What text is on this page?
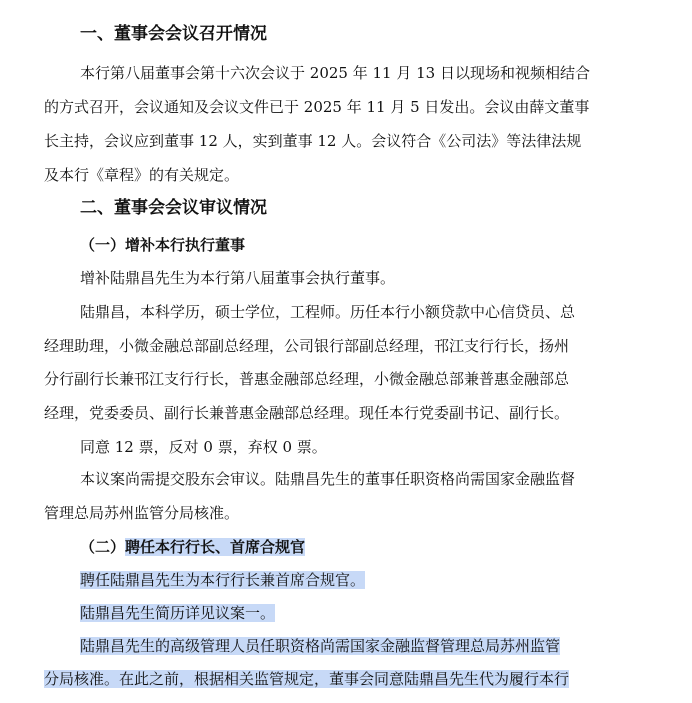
一、董事会会议召开情况
本行第八届董事会第十六次会议于 2025 年 11 月 13 日以现场和视频相结合
的方式召开，会议通知及会议文件已于 2025 年 11 月 5 日发出。会议由薛文董事
长主持，会议应到董事 12 人，实到董事 12 人。会议符合《公司法》等法律法规
及本行《章程》的有关规定。
二、董事会会议审议情况
（一）增补本行执行董事
增补陆鼎昌先生为本行第八届董事会执行董事。
陆鼎昌，本科学历，硕士学位，工程师。历任本行小额贷款中心信贷员、总
经理助理，小微金融总部副总经理，公司银行部副总经理，邗江支行行长，扬州
分行副行长兼邗江支行行长，普惠金融部总经理，小微金融总部兼普惠金融部总
经理，党委委员、副行长兼普惠金融部总经理。现任本行党委副书记、副行长。
同意 12 票，反对 0 票，弃权 0 票。
本议案尚需提交股东会审议。陆鼎昌先生的董事任职资格尚需国家金融监督
管理总局苏州监管分局核准。
（二）聘任本行行长、首席合规官
聘任陆鼎昌先生为本行行长兼首席合规官。
陆鼎昌先生简历详见议案一。
陆鼎昌先生的高级管理人员任职资格尚需国家金融监督管理总局苏州监管
分局核准。在此之前，根据相关监管规定，董事会同意陆鼎昌先生代为履行本行
